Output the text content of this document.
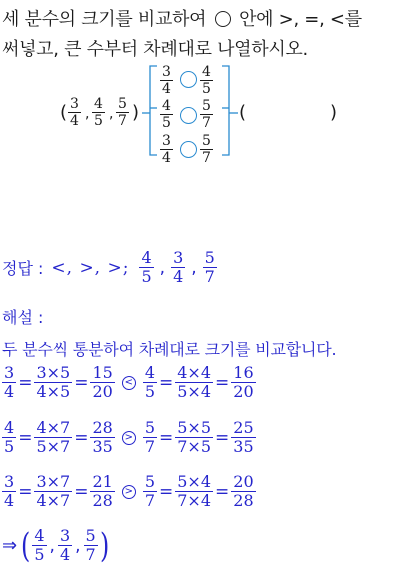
세 분수의 크기를 비교하여 안에 >, =, <를
써넣고, 큰 수부터 차례대로 나열하시오.
( $\frac{3}{4}$ , $\frac{4}{5}$ , $\frac{5}{7}$ )
$\frac{3}{4} \frac{4}{5}$
$\frac{4}{5} \frac{5}{7}$
$\frac{3}{4} \frac{5}{7}$
(	)
정답 : <, >, >; $\frac{4}{5}$ , $\frac{3}{4}$ , $\frac{5}{7}$
해설 :
두 분수씩 통분하여 차례대로 크기를 비교합니다.
$\frac{3}{4} = \frac{3\times 5}{4\times 5} = \frac{15}{20} < \frac{4}{5} = \frac{4\times 4}{5\times 4} = \frac{16}{20}$
$\frac{4}{5} = \frac{4\times 7}{5\times 7} = \frac{28}{35} > \frac{5}{7} = \frac{5\times 5}{7\times 5} = \frac{25}{35}$
$\frac{3}{4} = \frac{3\times 7}{4\times 7} = \frac{21}{28} > \frac{5}{7} = \frac{5\times 4}{7\times 4} = \frac{20}{28}$
⇒ ( $\frac{4}{5}$ , $\frac{3}{4}$ , $\frac{5}{7}$ )
